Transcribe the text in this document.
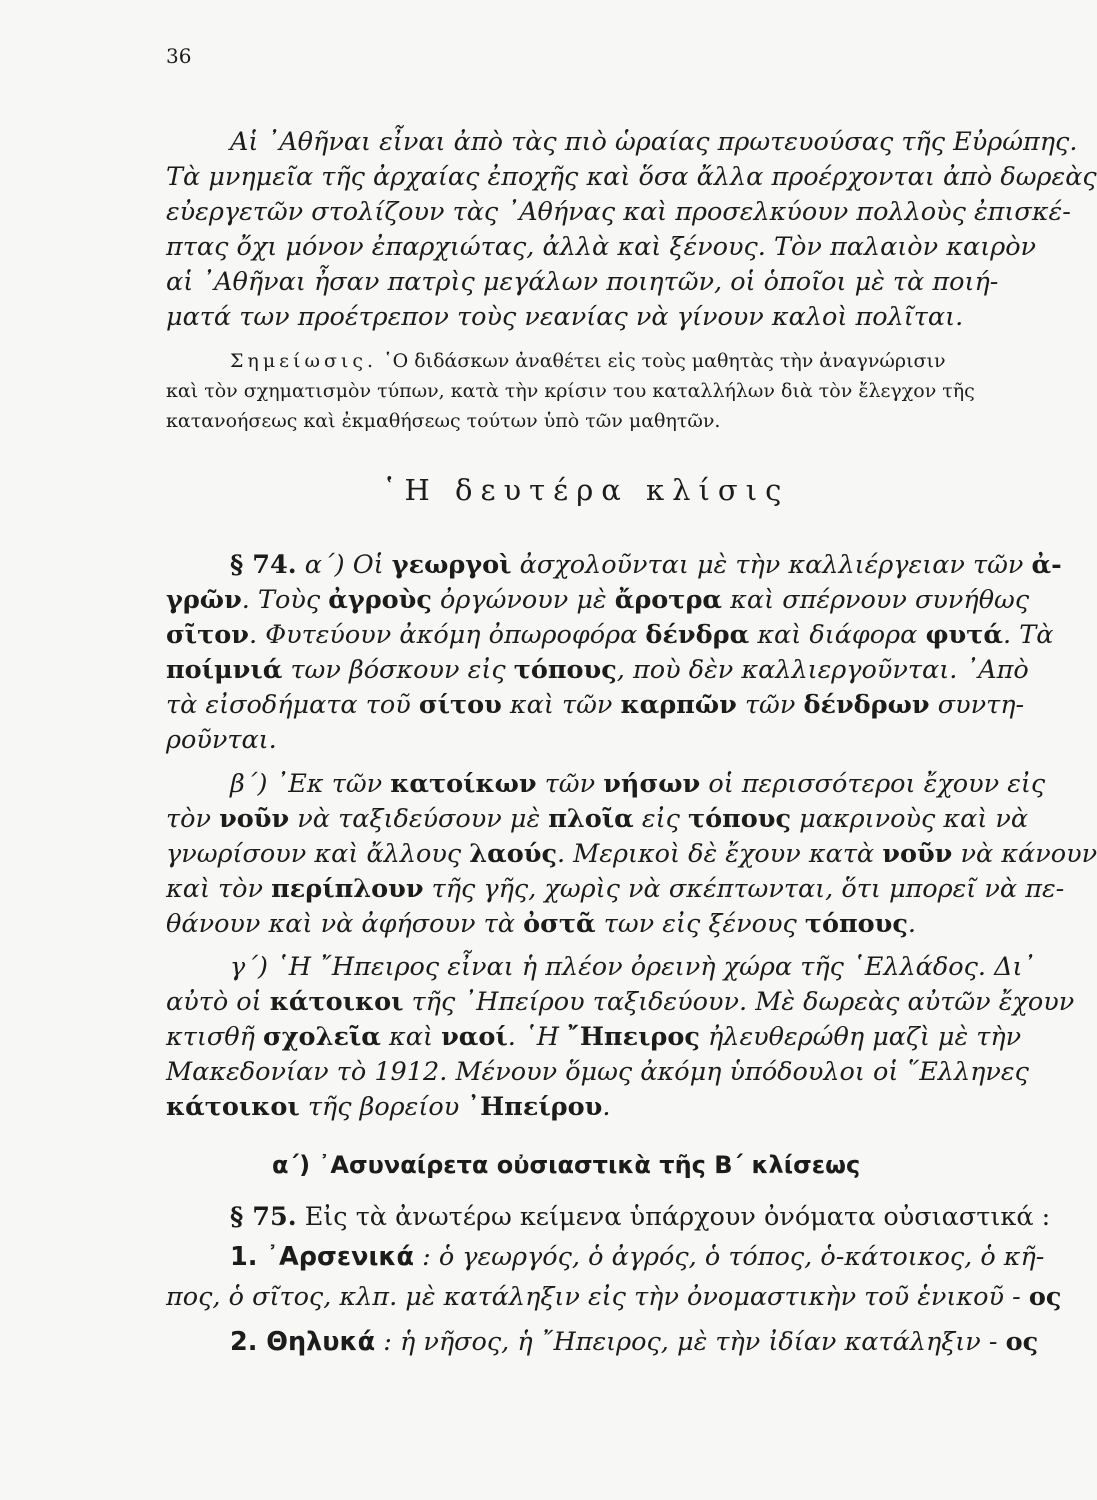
36
Αἱ ᾿Αθῆναι εἶναι ἀπὸ τὰς πιὸ ὡραίας πρωτευούσας τῆς Εὐρώπης.
Τὰ μνημεῖα τῆς ἀρχαίας ἐποχῆς καὶ ὅσα ἄλλα προέρχονται ἀπὸ δωρεὰς
εὐεργετῶν στολίζουν τὰς ᾿Αθήνας καὶ προσελκύουν πολλοὺς ἐπισκέ-
πτας ὄχι μόνον ἐπαρχιώτας, ἀλλὰ καὶ ξένους. Τὸν παλαιὸν καιρὸν
αἱ ᾿Αθῆναι ἦσαν πατρὶς μεγάλων ποιητῶν, οἱ ὁποῖοι μὲ τὰ ποιή-
ματά των προέτρεπον τοὺς νεανίας νὰ γίνουν καλοὶ πολῖται.
Σημείωσις. ῾Ο διδάσκων ἀναθέτει εἰς τοὺς μαθητὰς τὴν ἀναγνώρισιν
καὶ τὸν σχηματισμὸν τύπων, κατὰ τὴν κρίσιν του καταλλήλων διὰ τὸν ἔλεγχον τῆς
κατανοήσεως καὶ ἐκμαθήσεως τούτων ὑπὸ τῶν μαθητῶν.
῾Η δευτέρα κλίσις
§ 74. α΄) Οἱ γεωργοὶ ἀσχολοῦνται μὲ τὴν καλλιέργειαν τῶν ἀ-
γρῶν. Τοὺς ἀγροὺς ὀργώνουν μὲ ἄροτρα καὶ σπέρνουν συνήθως
σῖτον. Φυτεύουν ἀκόμη ὀπωροφόρα δένδρα καὶ διάφορα φυτά. Τὰ
ποίμνιά των βόσκουν εἰς τόπους, ποὺ δὲν καλλιεργοῦνται. ᾿Απὸ
τὰ εἰσοδήματα τοῦ σίτου καὶ τῶν καρπῶν τῶν δένδρων συντη-
ροῦνται.
β΄) ᾿Εκ τῶν κατοίκων τῶν νήσων οἱ περισσότεροι ἔχουν εἰς
τὸν νοῦν νὰ ταξιδεύσουν μὲ πλοῖα εἰς τόπους μακρινοὺς καὶ νὰ
γνωρίσουν καὶ ἄλλους λαούς. Μερικοὶ δὲ ἔχουν κατὰ νοῦν νὰ κάνουν
καὶ τὸν περίπλουν τῆς γῆς, χωρὶς νὰ σκέπτωνται, ὅτι μπορεῖ νὰ πε-
θάνουν καὶ νὰ ἀφήσουν τὰ ὀστᾶ των εἰς ξένους τόπους.
γ΄) ῾Η ῎Ηπειρος εἶναι ἡ πλέον ὀρεινὴ χώρα τῆς ῾Ελλάδος. Δι᾿
αὐτὸ οἱ κάτοικοι τῆς ᾿Ηπείρου ταξιδεύουν. Μὲ δωρεὰς αὐτῶν ἔχουν
κτισθῆ σχολεῖα καὶ ναοί. ῾Η ῎Ηπειρος ἠλευθερώθη μαζὶ μὲ τὴν
Μακεδονίαν τὸ 1912. Μένουν ὅμως ἀκόμη ὑπόδουλοι οἱ ῞Ελληνες
κάτοικοι τῆς βορείου ᾿Ηπείρου.
α΄) ᾿Ασυναίρετα οὐσιαστικὰ τῆς Β΄ κλίσεως
§ 75. Εἰς τὰ ἀνωτέρω κείμενα ὑπάρχουν ὀνόματα οὐσιαστικά :
1. ᾿Αρσενικά : ὁ γεωργός, ὁ ἀγρός, ὁ τόπος, ὁ-κάτοικος, ὁ κῆ-
πος, ὁ σῖτος, κλπ. μὲ κατάληξιν εἰς τὴν ὀνομαστικὴν τοῦ ἑνικοῦ - ος
2. Θηλυκά : ἡ νῆσος, ἡ ῎Ηπειρος, μὲ τὴν ἰδίαν κατάληξιν - ος
